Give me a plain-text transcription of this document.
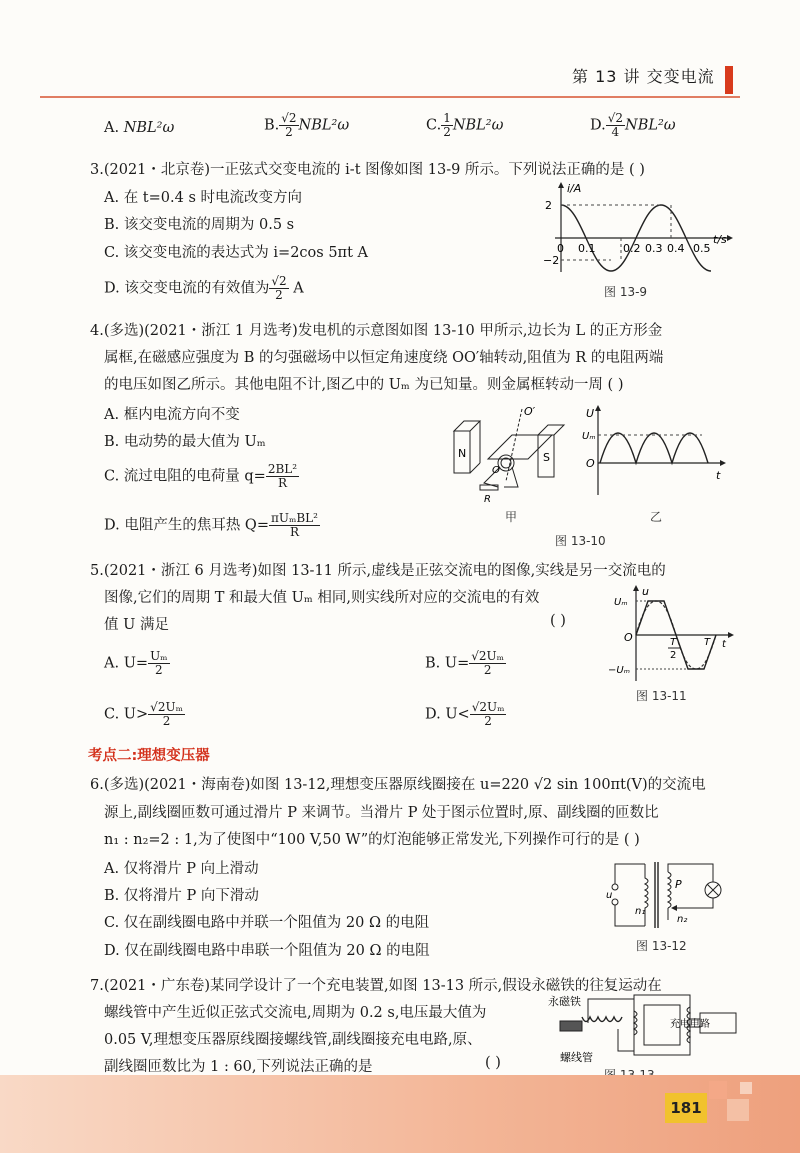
第 13 讲 交变电流
A. NBL²ω	B. $\frac{√2}{2} NBL^2\omega$	C. $\frac{1}{2} NBL^2\omega$	D. $\frac{√2}{4} NBL^2\omega$
3.(2021・北京卷)一正弦式交变电流的 i-t 图像如图 13-9 所示。下列说法正确的是 ( )
A. 在 t=0.4 s 时电流改变方向
B. 该交变电流的周期为 0.5 s
C. 该交变电流的表达式为 i=2cos 5πt A
D. 该交变电流的有效值为 $\frac{√2}{2}$ A
i/A
2
−2
0 0.1	0.2 0.3 0.4 0.5
t/s
图 13-9
4.(多选)(2021・浙江 1 月选考)发电机的示意图如图 13-10 甲所示,边长为 L 的正方形金
属框,在磁感应强度为 B 的匀强磁场中以恒定角速度绕 OO′轴转动,阻值为 R 的电阻两端
的电压如图乙所示。其他电阻不计,图乙中的 Uₘ 为已知量。则金属框转动一周 ( )
A. 框内电流方向不变
B. 电动势的最大值为 Uₘ
C. 流过电阻的电荷量 $q= \frac{\text{2BL²}}{R}$
D. 电阻产生的焦耳热 $Q= \frac{\text{πUₘBL²}}{R}$
N	S
O′
O
R
U
Uₘ
O
t
甲	乙
图 13-10
5.(2021・浙江 6 月选考)如图 13-11 所示,虚线是正弦交流电的图像,实线是另一交流电的
图像,它们的周期 T 和最大值 Uₘ 相同,则实线所对应的交流电的有效
值 U 满足	( )
A. $U= \frac{\text{Uₘ}}{2}$	B. $U= \frac{\text{√2Uₘ}}{2}$
C. $U> \frac{\text{√2Uₘ}}{2}$	D. $U< \frac{\text{√2Uₘ}}{2}$
u
Uₘ
−Uₘ
O	T
2
T t
图 13-11
考点二:理想变压器
6.(多选)(2021・海南卷)如图 13-12,理想变压器原线圈接在 u=220 √2 sin 100πt(V)的交流电
源上,副线圈匝数可通过滑片 P 来调节。当滑片 P 处于图示位置时,原、副线圈的匝数比
n₁ : n₂=2 : 1,为了使图中“100 V,50 W”的灯泡能够正常发光,下列操作可行的是 ( )
A. 仅将滑片 P 向上滑动
B. 仅将滑片 P 向下滑动
C. 仅在副线圈电路中并联一个阻值为 20 Ω 的电阻
D. 仅在副线圈电路中串联一个阻值为 20 Ω 的电阻
u
P
n₁
n₂
图 13-12
7.(2021・广东卷)某同学设计了一个充电装置,如图 13-13 所示,假设永磁铁的往复运动在
螺线管中产生近似正弦式交流电,周期为 0.2 s,电压最大值为
0.05 V,理想变压器原线圈接螺线管,副线圈接充电电路,原、
副线圈匝数比为 1 : 60,下列说法正确的是	( )
永磁铁
螺线管
充电电路
181
